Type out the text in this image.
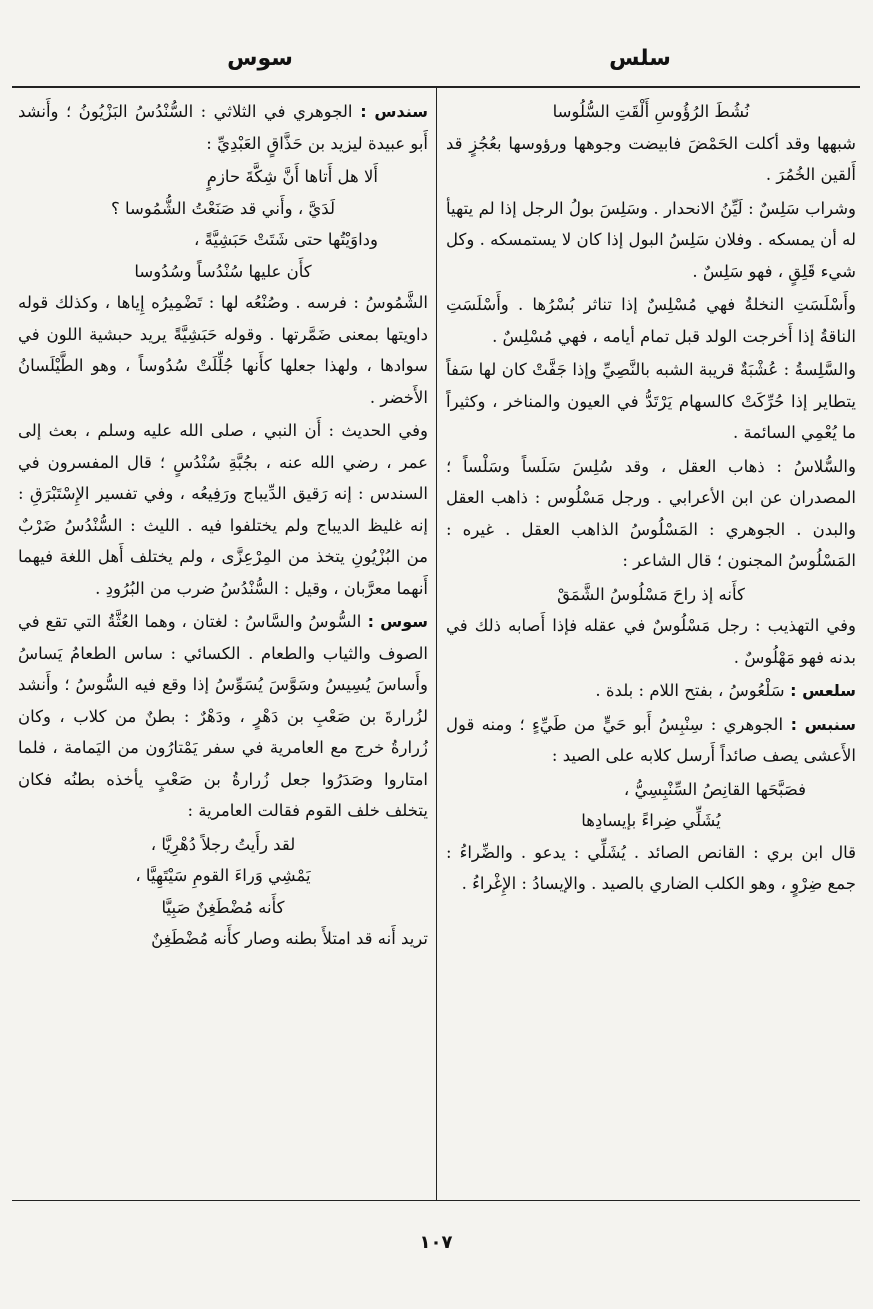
سوس	سلس

نُشُطَ الرُؤُوسِ أَلْقَتِ السُّلُوسا

شبهها وقد أكلت الحَمْضَ فابيضت وجوهها ورؤوسها بعُجُزٍ قد أَلقين الخُمُرَ .

وشراب سَلِسٌ : لَيِّنُ الانحدار . وسَلِسَ بولُ الرجل إذا لم يتهيأ له أن يمسكه . وفلان سَلِسُ البول إذا كان لا يستمسكه . وكل شيء قَلِقٍ ، فهو سَلِسٌ .

وأَسْلَسَتِ النخلةُ فهي مُسْلِسٌ إذا تناثر بُسْرُها . وأَسْلَسَتِ الناقةُ إذا أَخرجت الولد قبل تمام أيامه ، فهي مُسْلِسٌ .

والسَّلِسةُ : عُشْبَةٌ قريبة الشبه بالنَّصِيِّ وإذا جَفَّتْ كان لها سَفاً يتطاير إذا حُرِّكَتْ كالسهام يَرْتَدُّ في العيون والمناخر ، وكثيراً ما يُعْمِي السائمة .

والسُّلاسُ : ذهاب العقل ، وقد سُلِسَ سَلَساً وسَلْساً ؛ المصدران عن ابن الأعرابي . ورجل مَسْلُوس : ذاهب العقل والبدن . الجوهري : المَسْلُوسُ الذاهب العقل . غيره : المَسْلُوسُ المجنون ؛ قال الشاعر :

كأَنه إذ راحَ مَسْلُوسُ الشَّمَقْ

وفي التهذيب : رجل مَسْلُوسٌ في عقله فإذا أَصابه ذلك في بدنه فهو مَهْلُوسٌ .

سلعس : سَلْعُوسُ ، بفتح اللام : بلدة .

سنبس : الجوهري : سِنْبِسُ أَبو حَيٍّ من طَيِّءٍ ؛ ومنه قول الأَعشى يصف صائداً أَرسل كلابه على الصيد :

فصَبَّحَها القانِصُ السِّنْبِسِيُّ ،

يُشَلِّي ضِراءً بإيسادِها

قال ابن بري : القانص الصائد . يُشَلِّي : يدعو . والضِّراءُ : جمع ضِرْوٍ ، وهو الكلب الضاري بالصيد . والإيسادُ : الإِغْراءُ .

سندس : الجوهري في الثلاثي : السُّنْدُسُ البَزْيُونُ ؛ وأَنشد أَبو عبيدة ليزيد بن حَذَّاقٍ العَبْدِيِّ :

أَلا هل أَتاها أَنَّ شِكَّةَ حازمٍ

لَدَيَّ ، وأَني قد صَنَعْتُ الشُّمُوسا ؟

وداوَيْتُها حتى شَتَتْ حَبَشِيَّةً ،

كأَن عليها سُنْدُساً وسُدُوسا

الشَّمُوسُ : فرسه . وصُنْعُه لها : تَضْمِيرُه إِياها ، وكذلك قوله داويتها بمعنى ضَمَّرتها . وقوله حَبَشِيَّةً يريد حبشية اللون في سوادها ، ولهذا جعلها كأَنها جُلِّلَتْ سُدُوساً ، وهو الطَّيْلَسانُ الأَخضر .

وفي الحديث : أَن النبي ، صلى الله عليه وسلم ، بعث إلى عمر ، رضي الله عنه ، بجُبَّةِ سُنْدُسٍ ؛ قال المفسرون في السندس : إنه رَقيق الدِّيباج ورَفِيعُه ، وفي تفسير الإِسْتَبْرَقِ : إنه غليظ الديباج ولم يختلفوا فيه . الليث : السُّنْدُسُ ضَرْبٌ من البُزْيُونِ يتخذ من المِرْعِزَّى ، ولم يختلف أَهل اللغة فيهما أَنهما معرَّبان ، وقيل : السُّنْدُسُ ضرب من البُرُودِ .

سوس : السُّوسُ والسَّاسُ : لغتان ، وهما العُثَّةُ التي تقع في الصوف والثياب والطعام . الكسائي : ساس الطعامُ يَساسُ وأَساسَ يُسِيسُ وسَوَّسَ يُسَوِّسُ إذا وقع فيه السُّوسُ ؛ وأَنشد لزُرارةَ بن صَعْبِ بن دَهْرٍ ، ودَهْرٌ : بطنٌ من كلاب ، وكان زُرارةُ خرج مع العامرية في سفر يَمْتارُون من اليَمامة ، فلما امتاروا وصَدَرُوا جعل زُرارةُ بن صَعْبٍ يأخذه بطنُه فكان يتخلف خلف القوم فقالت العامرية :

لقد رأَيتُ رجلاً دُهْرِيَّا ،

يَمْشِي وَراءَ القومِ سَيْتَهِيَّا ،

كأَنه مُضْطَغِنٌ صَبِيَّا

تريد أَنه قد امتلأَ بطنه وصار كأَنه مُضْطَغِنٌ

١٠٧
